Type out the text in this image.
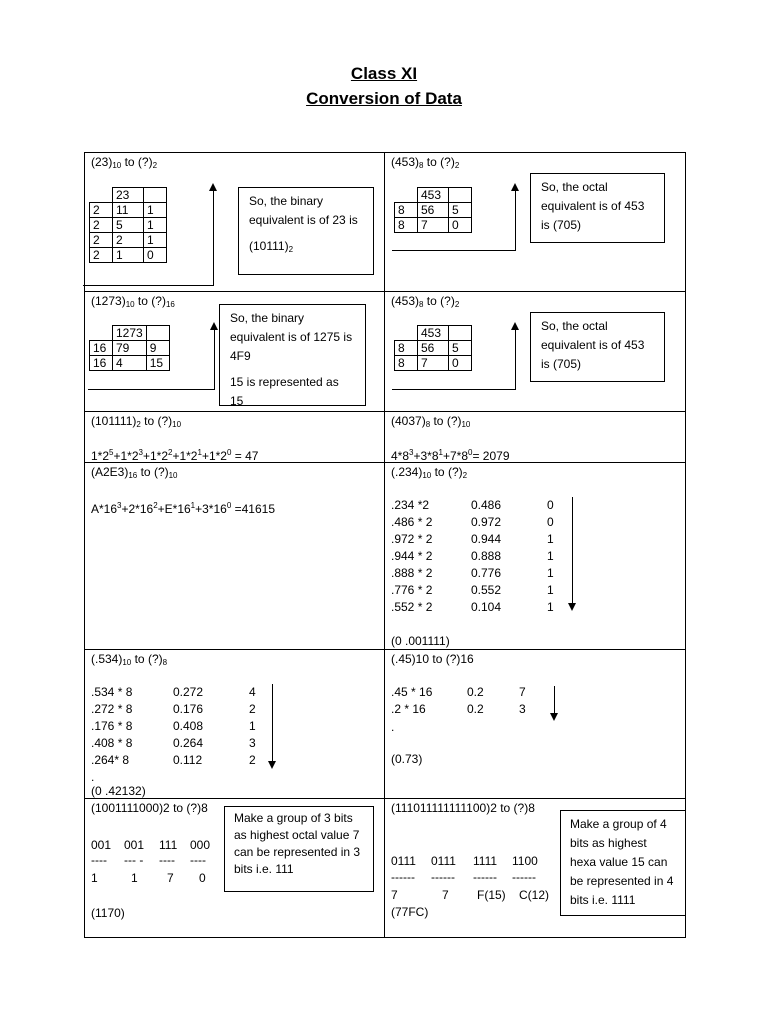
Class XI
Conversion of Data
$(23)_{10}$ to $(?)_2$
	23	
2	11	1
2	5	1
2	2	1
2	1	0
So, the binary equivalent is of 23 is
$(10111)_2$
$(453)_8$ to $(?)_2$
	453	
8	56	5
8	7	0
So, the octal equivalent is of 453 is (705)
$(1273)_{10}$ to $(?)_{16}$
	1273	
16	79	9
16	4	15
So, the binary equivalent is of 1275 is 4F9
15 is represented as 15
$(453)_8$ to $(?)_2$
	453	
8	56	5
8	7	0
So, the octal equivalent is of 453 is (705)
$(101111)_2$ to $(?)_{10}$
$1*2^5+1*2^3+1*2^2+1*2^1+1*2^0 = 47$
$(4037)_8$ to $(?)_{10}$
$4*8^3+3*8^1+7*8^0= 2079$
$(A2E3)_{16}$ to $(?)_{10}$
$A*16^3+2*16^2+E*16^1+3*16^0 =41615$
$(.234)_{10}$ to $(?)_2$
.234 *2	0.486	0
.486 * 2	0.972	0
.972 * 2	0.944	1
.944 * 2	0.888	1
.888 * 2	0.776	1
.776 * 2	0.552	1
.552 * 2	0.104	1
(0 .001111)
$(.534)_{10}$ to $(?)_8$
.534 * 8	0.272	4
.272 * 8	0.176	2
.176 * 8	0.408	1
.408 * 8	0.264	3
.264* 8	0.112	2
.
(0 .42132)
(.45)10 to (?)16
.45 * 16	0.2	7
.2 * 16	0.2	3
.
(0.73)
(1001111000)2 to (?)8
001 001 111 000
---- --- - ---- ----
1	1 7 0
(1170)
Make a group of 3 bits as highest octal value 7 can be represented in 3 bits i.e. 111
(111011111111100)2 to (?)8
0111 0111 1111 1100
------ ------ ------ ------
7	7 F(15) C(12)
(77FC)
Make a group of 4 bits as highest hexa value 15 can be represented in 4 bits i.e. 1111
